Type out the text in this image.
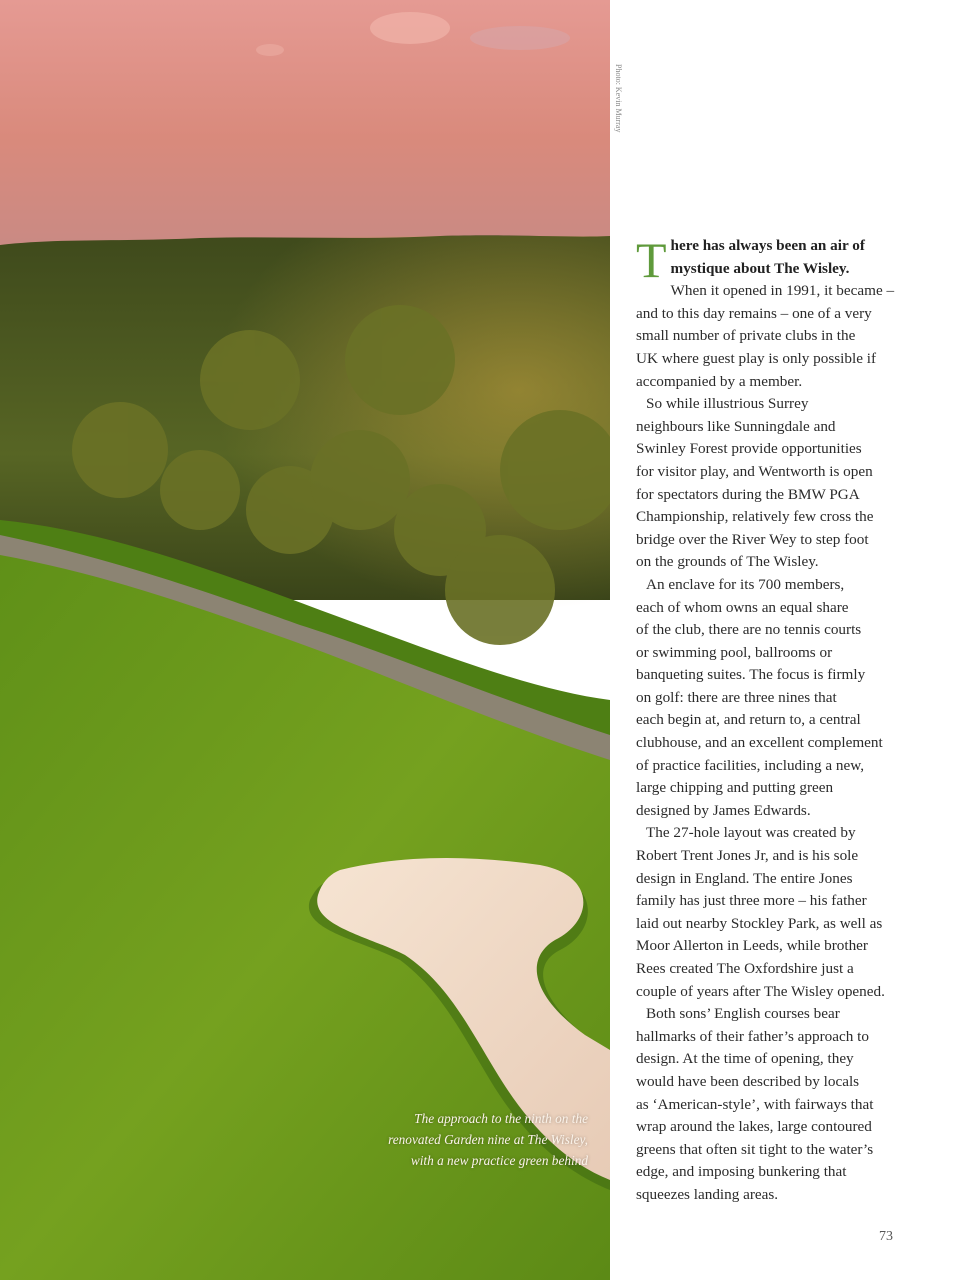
Photo: Kevin Murray
The approach to the ninth on the
renovated Garden nine at The Wisley,
with a new practice green behind

T here has always been an air of
mystique about The Wisley.

When it opened in 1991, it became –
and to this day remains – one of a very
small number of private clubs in the
UK where guest play is only possible if
accompanied by a member.

So while illustrious Surrey
neighbours like Sunningdale and
Swinley Forest provide opportunities
for visitor play, and Wentworth is open
for spectators during the BMW PGA
Championship, relatively few cross the
bridge over the River Wey to step foot
on the grounds of The Wisley.

An enclave for its 700 members,
each of whom owns an equal share
of the club, there are no tennis courts
or swimming pool, ballrooms or
banqueting suites. The focus is firmly
on golf: there are three nines that
each begin at, and return to, a central
clubhouse, and an excellent complement
of practice facilities, including a new,
large chipping and putting green
designed by James Edwards.

The 27-hole layout was created by
Robert Trent Jones Jr, and is his sole
design in England. The entire Jones
family has just three more – his father
laid out nearby Stockley Park, as well as
Moor Allerton in Leeds, while brother
Rees created The Oxfordshire just a
couple of years after The Wisley opened.

Both sons’ English courses bear
hallmarks of their father’s approach to
design. At the time of opening, they
would have been described by locals
as ‘American-style’, with fairways that
wrap around the lakes, large contoured
greens that often sit tight to the water’s
edge, and imposing bunkering that
squeezes landing areas.

73
